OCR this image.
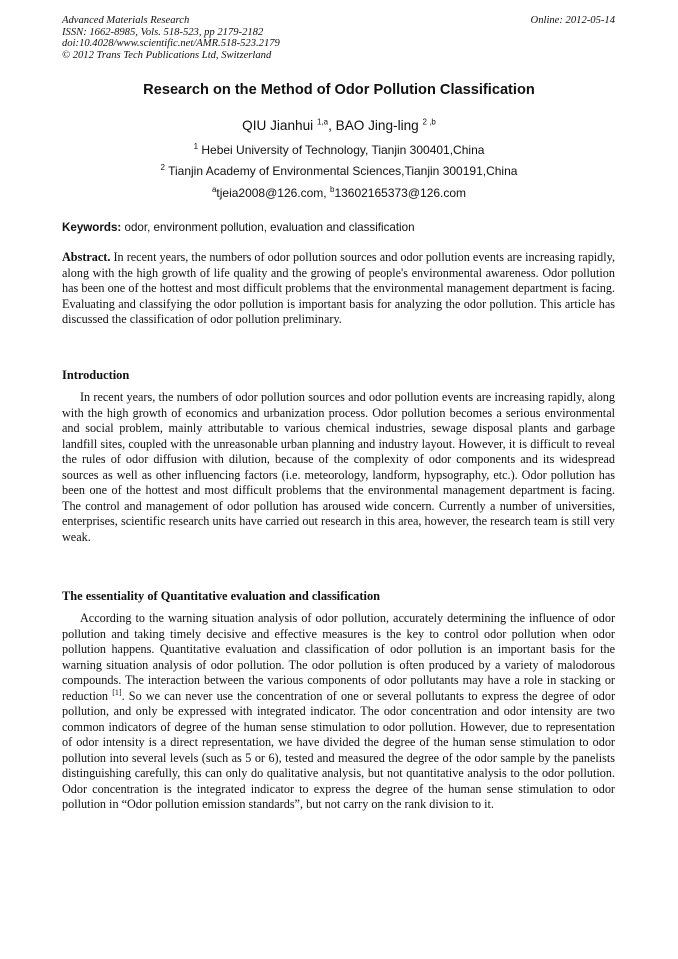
Advanced Materials Research
ISSN: 1662-8985, Vols. 518-523, pp 2179-2182
doi:10.4028/www.scientific.net/AMR.518-523.2179
© 2012 Trans Tech Publications Ltd, Switzerland
Online: 2012-05-14
Research on the Method of Odor Pollution Classification
QIU Jianhui $^{1,a}$, BAO Jing-ling $^{2 ,b}$
$^1$ Hebei University of Technology, Tianjin 300401,China
$^2$ Tianjin Academy of Environmental Sciences,Tianjin 300191,China
$^a$tjeia2008@126.com, $^b$13602165373@126.com
Keywords: odor, environment pollution, evaluation and classification
Abstract. In recent years, the numbers of odor pollution sources and odor pollution events are increasing rapidly, along with the high growth of life quality and the growing of people's environmental awareness. Odor pollution has been one of the hottest and most difficult problems that the environmental management department is facing. Evaluating and classifying the odor pollution is important basis for analyzing the odor pollution. This article has discussed the classification of odor pollution preliminary.
Introduction
In recent years, the numbers of odor pollution sources and odor pollution events are increasing rapidly, along with the high growth of economics and urbanization process. Odor pollution becomes a serious environmental and social problem, mainly attributable to various chemical industries, sewage disposal plants and garbage landfill sites, coupled with the unreasonable urban planning and industry layout. However, it is difficult to reveal the rules of odor diffusion with dilution, because of the complexity of odor components and its widespread sources as well as other influencing factors (i.e. meteorology, landform, hypsography, etc.). Odor pollution has been one of the hottest and most difficult problems that the environmental management department is facing. The control and management of odor pollution has aroused wide concern. Currently a number of universities, enterprises, scientific research units have carried out research in this area, however, the research team is still very weak.
The essentiality of Quantitative evaluation and classification
According to the warning situation analysis of odor pollution, accurately determining the influence of odor pollution and taking timely decisive and effective measures is the key to control odor pollution when odor pollution happens. Quantitative evaluation and classification of odor pollution is an important basis for the warning situation analysis of odor pollution. The odor pollution is often produced by a variety of malodorous compounds. The interaction between the various components of odor pollutants may have a role in stacking or reduction [1]. So we can never use the concentration of one or several pollutants to express the degree of odor pollution, and only be expressed with integrated indicator. The odor concentration and odor intensity are two common indicators of degree of the human sense stimulation to odor pollution. However, due to representation of odor intensity is a direct representation, we have divided the degree of the human sense stimulation to odor pollution into several levels (such as 5 or 6), tested and measured the degree of the odor sample by the panelists distinguishing carefully, this can only do qualitative analysis, but not quantitative analysis to the odor pollution. Odor concentration is the integrated indicator to express the degree of the human sense stimulation to odor pollution in “Odor pollution emission standards”, but not carry on the rank division to it.
